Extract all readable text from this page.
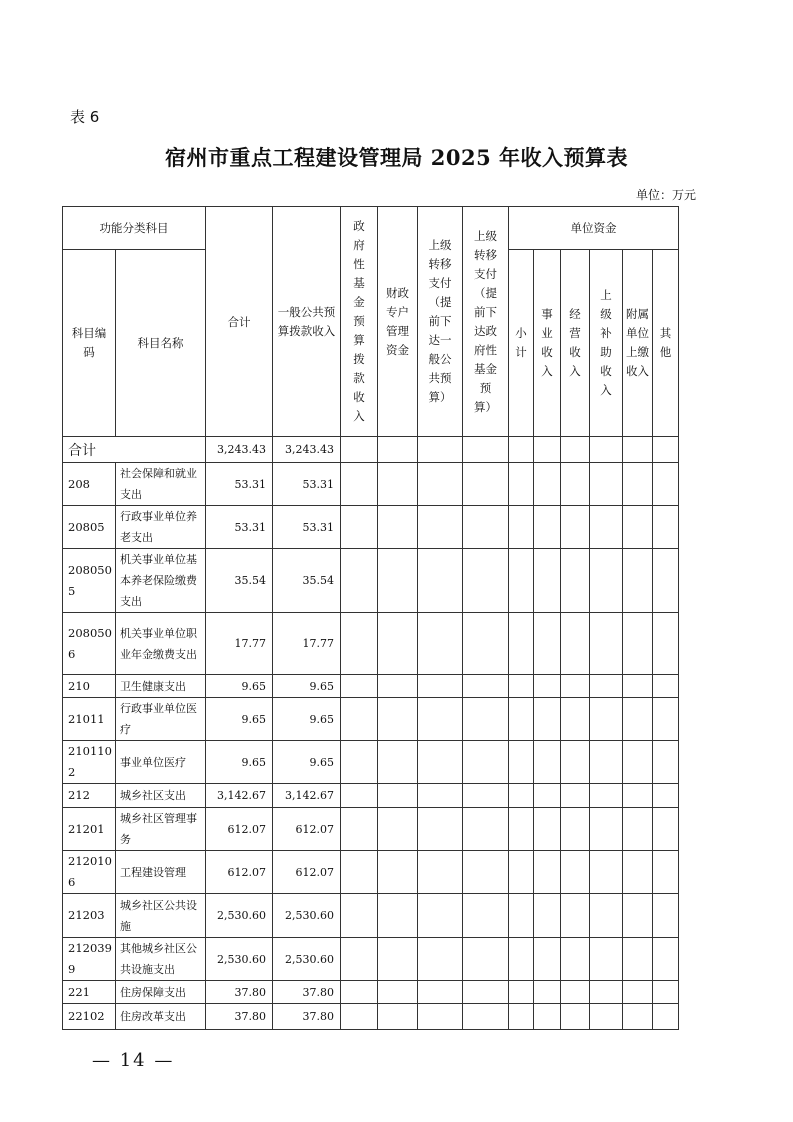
表 6
宿州市重点工程建设管理局 2025 年收入预算表
单位：万元
功能分类科目		合计	一般公共预算拨款收入	政府性基金预算拨款收入	财政专户管理资金	上级转移支付（提前下达一般公共预算）	上级转移支付（提前下达政府性基金预算）	单位资金					

科目编码	科目名称							小计	事业收入	经营收入	上级补助收入	附属单位上缴收入	其他

合计		3,243.43	3,243.43										
208	社会保障和就业支出	53.31	53.31										
20805	行政事业单位养老支出	53.31	53.31										
2080505	机关事业单位基本养老保险缴费支出	35.54	35.54										
2080506	机关事业单位职业年金缴费支出	17.77	17.77										
210	卫生健康支出	9.65	9.65										
21011	行政事业单位医疗	9.65	9.65										
2101102	事业单位医疗	9.65	9.65										
212	城乡社区支出	3,142.67	3,142.67										
21201	城乡社区管理事务	612.07	612.07										
2120106	工程建设管理	612.07	612.07										
21203	城乡社区公共设施	2,530.60	2,530.60										
2120399	其他城乡社区公共设施支出	2,530.60	2,530.60										
221	住房保障支出	37.80	37.80										
22102	住房改革支出	37.80	37.80										
— 14 —
